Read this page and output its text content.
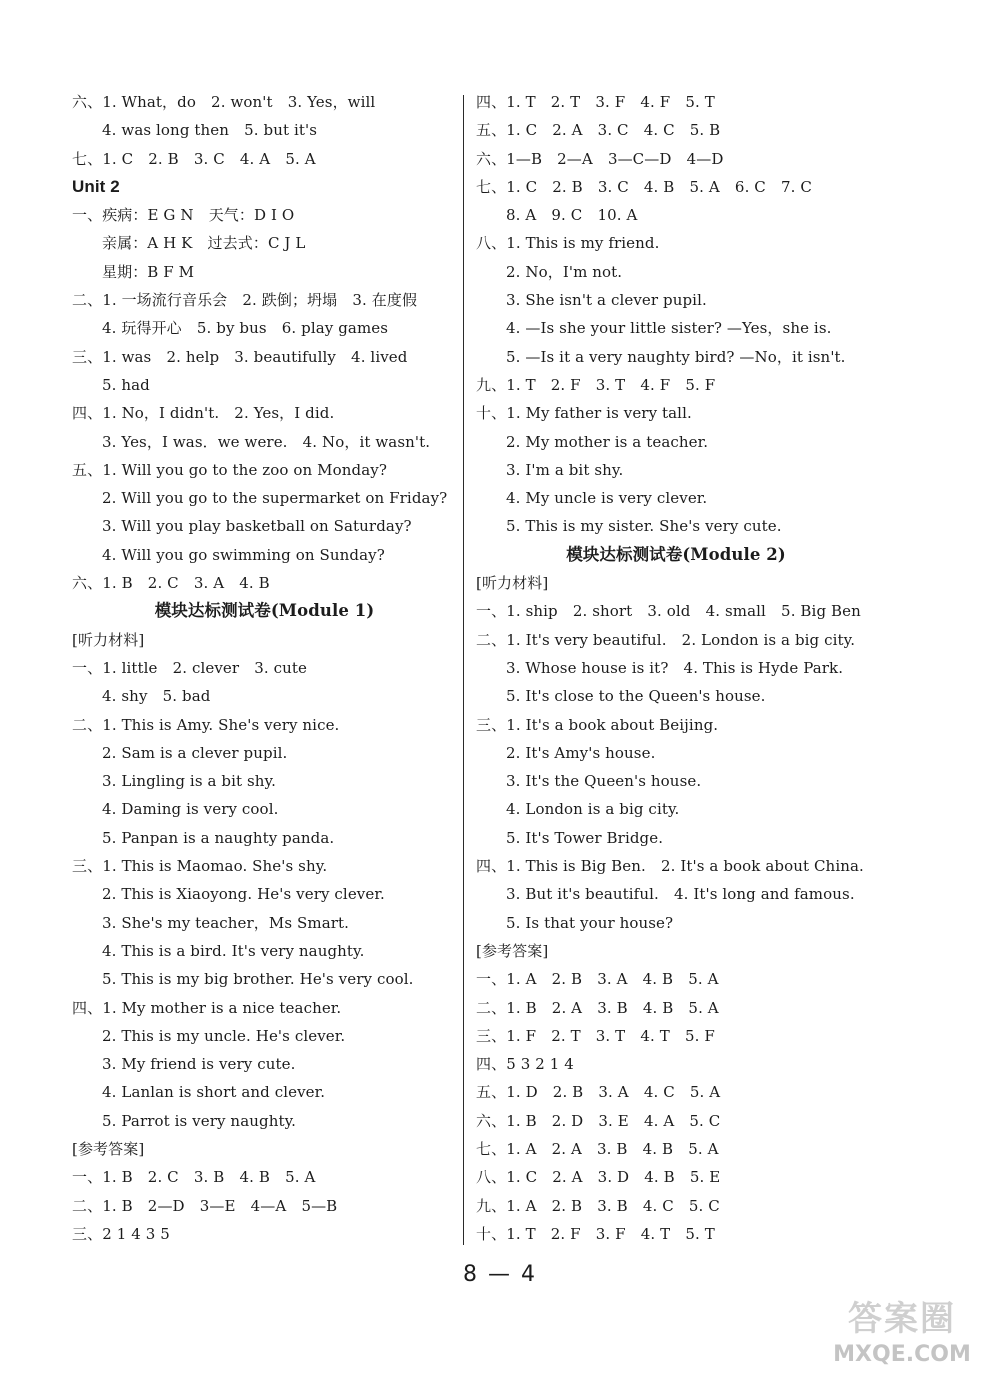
六、1. What，do　2. won't　3. Yes，will
4. was long then　5. but it's
七、1. C　2. B　3. C　4. A　5. A
Unit 2
一、疾病：E G N　天气：D I O
亲属：A H K　过去式：C J L
星期：B F M
二、1. 一场流行音乐会　2. 跌倒；坍塌　3. 在度假
4. 玩得开心　5. by bus　6. play games
三、1. was　2. help　3. beautifully　4. lived
5. had
四、1. No，I didn't.　2. Yes，I did.
3. Yes，I was．we were.　4. No，it wasn't.
五、1. Will you go to the zoo on Monday?
2. Will you go to the supermarket on Friday?
3. Will you play basketball on Saturday?
4. Will you go swimming on Sunday?
六、1. B　2. C　3. A　4. B
模块达标测试卷(Module 1)
[听力材料]
一、1. little　2. clever　3. cute
4. shy　5. bad
二、1. This is Amy. She's very nice.
2. Sam is a clever pupil.
3. Lingling is a bit shy.
4. Daming is very cool.
5. Panpan is a naughty panda.
三、1. This is Maomao. She's shy.
2. This is Xiaoyong. He's very clever.
3. She's my teacher，Ms Smart.
4. This is a bird. It's very naughty.
5. This is my big brother. He's very cool.
四、1. My mother is a nice teacher.
2. This is my uncle. He's clever.
3. My friend is very cute.
4. Lanlan is short and clever.
5. Parrot is very naughty.
[参考答案]
一、1. B　2. C　3. B　4. B　5. A
二、1. B　2—D　3—E　4—A　5—B
三、2 1 4 3 5
四、1. T　2. T　3. F　4. F　5. T
五、1. C　2. A　3. C　4. C　5. B
六、1—B　2—A　3—C—D　4—D
七、1. C　2. B　3. C　4. B　5. A　6. C　7. C
8. A　9. C　10. A
八、1. This is my friend.
2. No，I'm not.
3. She isn't a clever pupil.
4. —Is she your little sister? —Yes，she is.
5. —Is it a very naughty bird? —No，it isn't.
九、1. T　2. F　3. T　4. F　5. F
十、1. My father is very tall.
2. My mother is a teacher.
3. I'm a bit shy.
4. My uncle is very clever.
5. This is my sister. She's very cute.
模块达标测试卷(Module 2)
[听力材料]
一、1. ship　2. short　3. old　4. small　5. Big Ben
二、1. It's very beautiful.　2. London is a big city.
3. Whose house is it?　4. This is Hyde Park.
5. It's close to the Queen's house.
三、1. It's a book about Beijing.
2. It's Amy's house.
3. It's the Queen's house.
4. London is a big city.
5. It's Tower Bridge.
四、1. This is Big Ben.　2. It's a book about China.
3. But it's beautiful.　4. It's long and famous.
5. Is that your house?
[参考答案]
一、1. A　2. B　3. A　4. B　5. A
二、1. B　2. A　3. B　4. B　5. A
三、1. F　2. T　3. T　4. T　5. F
四、5 3 2 1 4
五、1. D　2. B　3. A　4. C　5. A
六、1. B　2. D　3. E　4. A　5. C
七、1. A　2. A　3. B　4. B　5. A
八、1. C　2. A　3. D　4. B　5. E
九、1. A　2. B　3. B　4. C　5. C
十、1. T　2. F　3. F　4. T　5. T
8 — 4
答案圈
MXQE.COM
